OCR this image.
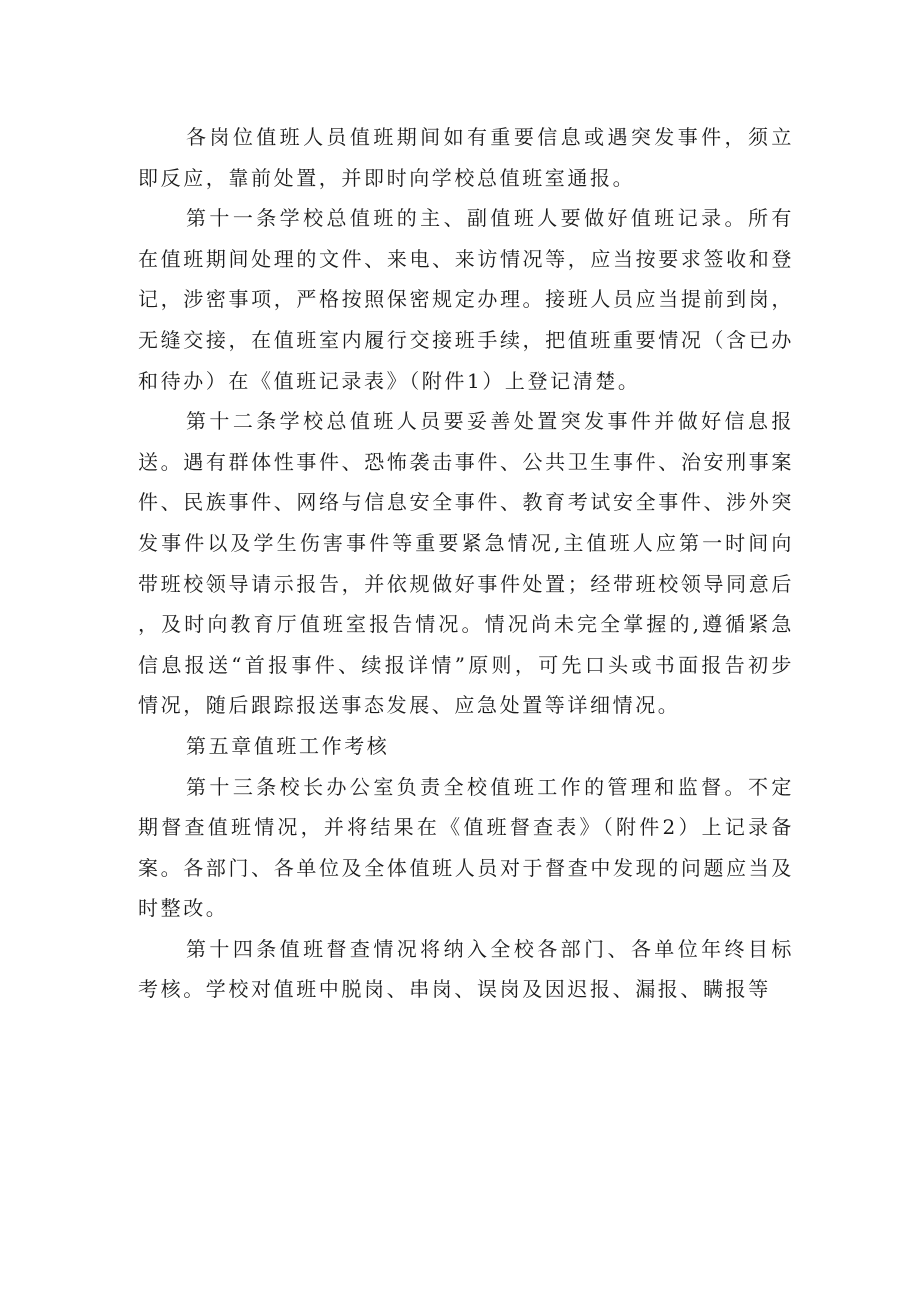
各岗位值班人员值班期间如有重要信息或遇突发事件，须立即反应，靠前处置，并即时向学校总值班室通报。

第十一条学校总值班的主、副值班人要做好值班记录。所有在值班期间处理的文件、来电、来访情况等，应当按要求签收和登记，涉密事项，严格按照保密规定办理。接班人员应当提前到岗，无缝交接，在值班室内履行交接班手续，把值班重要情况（含已办和待办）在《值班记录表》（附件1）上登记清楚。

第十二条学校总值班人员要妥善处置突发事件并做好信息报送。遇有群体性事件、恐怖袭击事件、公共卫生事件、治安刑事案件、民族事件、网络与信息安全事件、教育考试安全事件、涉外突发事件以及学生伤害事件等重要紧急情况,主值班人应第一时间向带班校领导请示报告，并依规做好事件处置；经带班校领导同意后，及时向教育厅值班室报告情况。情况尚未完全掌握的,遵循紧急信息报送“首报事件、续报详情”原则，可先口头或书面报告初步情况，随后跟踪报送事态发展、应急处置等详细情况。

第五章值班工作考核

第十三条校长办公室负责全校值班工作的管理和监督。不定期督查值班情况，并将结果在《值班督查表》（附件2）上记录备案。各部门、各单位及全体值班人员对于督查中发现的问题应当及时整改。

第十四条值班督查情况将纳入全校各部门、各单位年终目标考核。学校对值班中脱岗、串岗、误岗及因迟报、漏报、瞒报等
